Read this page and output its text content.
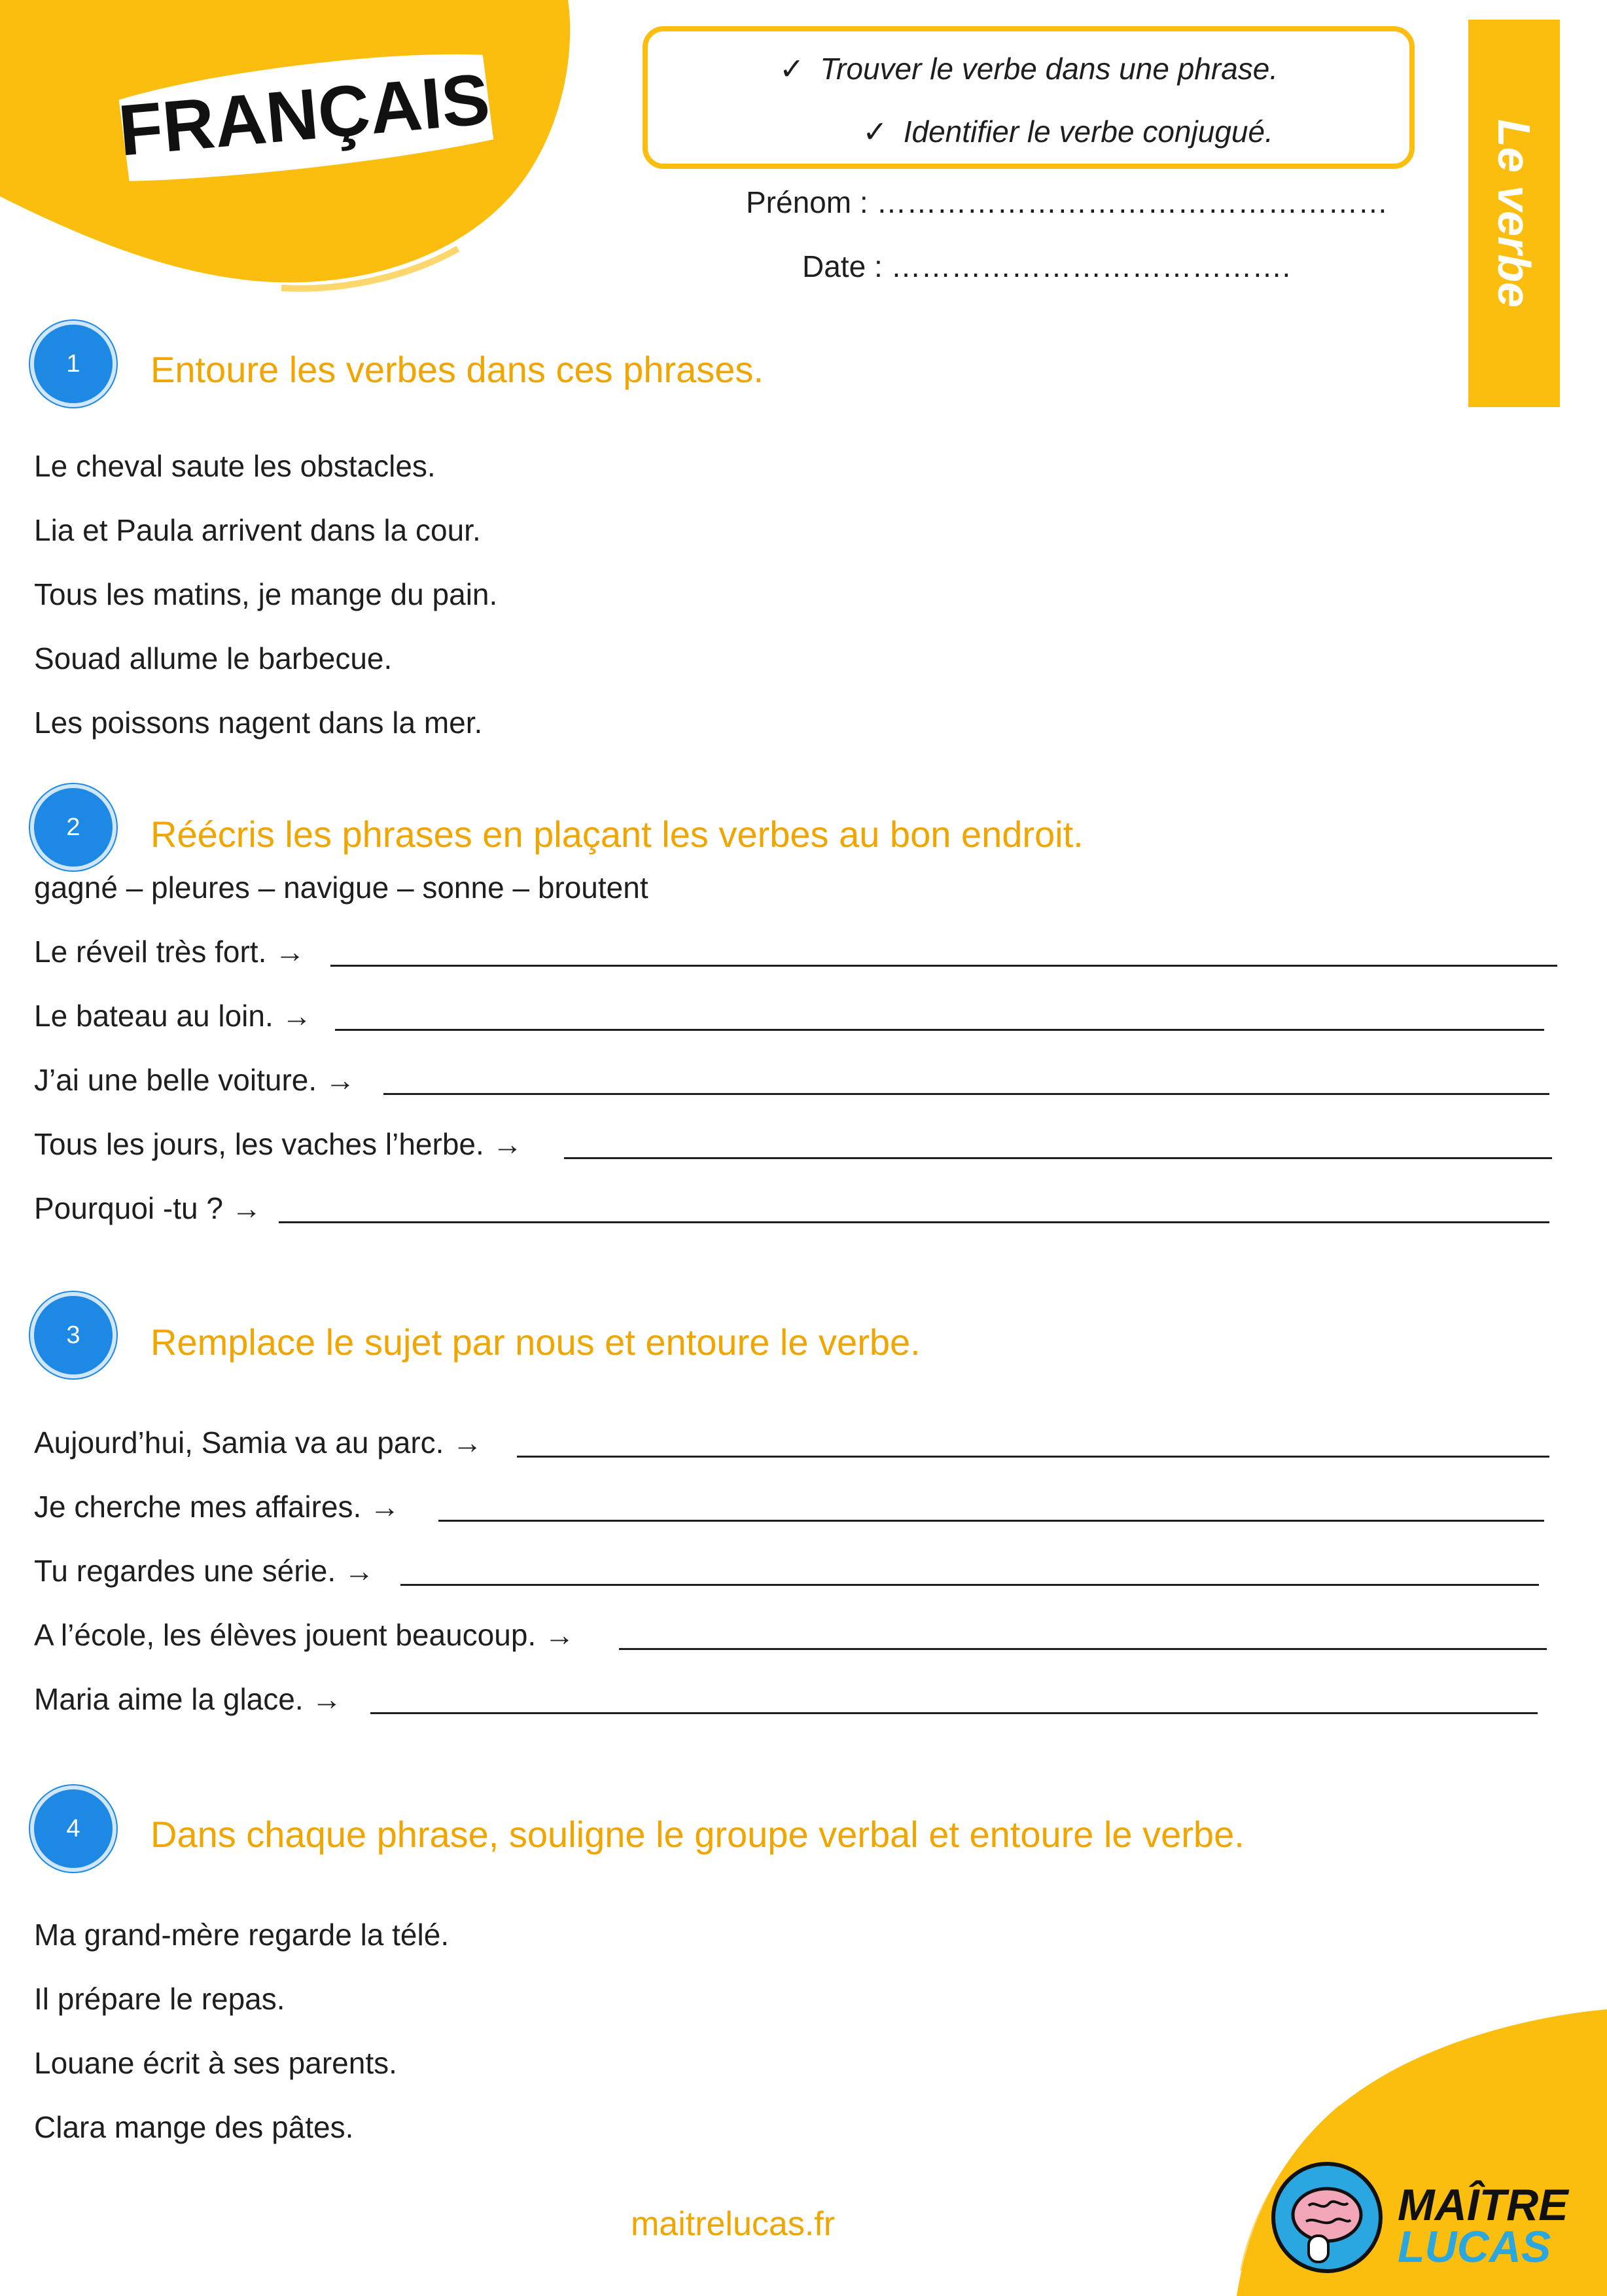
FRANÇAIS	✓ Trouver le verbe dans une phrase.
✓ Identifier le verbe conjugué.
Prénom : ……………………………………………
Date : ………………………………….	Le verbe
1	Entoure les verbes dans ces phrases.
Le cheval saute les obstacles.
Lia et Paula arrivent dans la cour.
Tous les matins, je mange du pain.
Souad allume le barbecue.
Les poissons nagent dans la mer.
2	Réécris les phrases en plaçant les verbes au bon endroit.
gagné – pleures – navigue – sonne – broutent
Le réveil très fort. →
Le bateau au loin. →
J’ai une belle voiture. →
Tous les jours, les vaches l’herbe. →
Pourquoi -tu ? →
3	Remplace le sujet par nous et entoure le verbe.
Aujourd’hui, Samia va au parc. →
Je cherche mes affaires. →
Tu regardes une série. →
A l’école, les élèves jouent beaucoup. →
Maria aime la glace. →
4	Dans chaque phrase, souligne le groupe verbal et entoure le verbe.
Ma grand-mère regarde la télé.
Il prépare le repas.
Louane écrit à ses parents.
Clara mange des pâtes.
maitrelucas.fr	MAÎTRE
LUCAS
